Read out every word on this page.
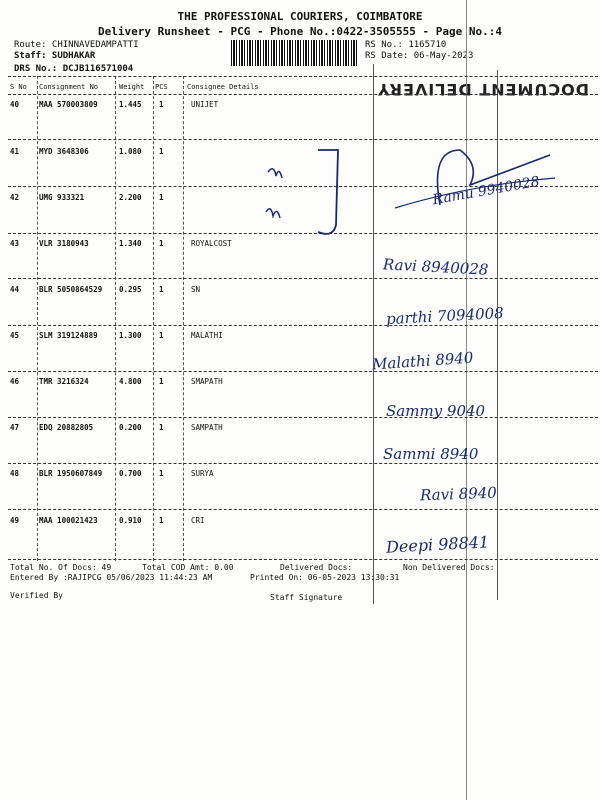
THE PROFESSIONAL COURIERS, COIMBATORE
Delivery Runsheet - PCG - Phone No.:0422-3505555 - Page No.:4
Route: CHINNAVEDAMPATTI
Staff: SUDHAKAR
DRS No.: DCJB116571004
RS No.: 1165710
RS Date: 06-May-2023
DOCUMENT DELIVERY
S No Consignment No	Weight PCS	Consignee Details
40	MAA 570003809	1.445 1	UNIJET
41	MYD 3648306	1.080 1
42	UMG 933321	2.200 1
43	VLR 3180943	1.340 1	ROYALCOST
44	BLR 5050864529 0.295 1	SN
45	SLM 319124889	1.300 1	MALATHI
46	TMR 3216324	4.800 1	SMAPATH
47	EDQ 20882805	0.200 1	SAMPATH
48	BLR 1950607849 0.700 1	SURYA
49	MAA 100021423	0.910 1	CRI
Ramu 9940028
Ravi 8940028
parthi 7094008
Malathi 8940
Sammy 9040
Sammi 8940
Ravi 8940
Deepi 98841
Total No. Of Docs: 49	Total COD Amt: 0.00	Delivered Docs:	Non Delivered Docs:
Entered By :RAJIPCG 05/06/2023 11:44:23 AM	Printed On: 06-05-2023 13:30:31
Verified By	Staff Signature
